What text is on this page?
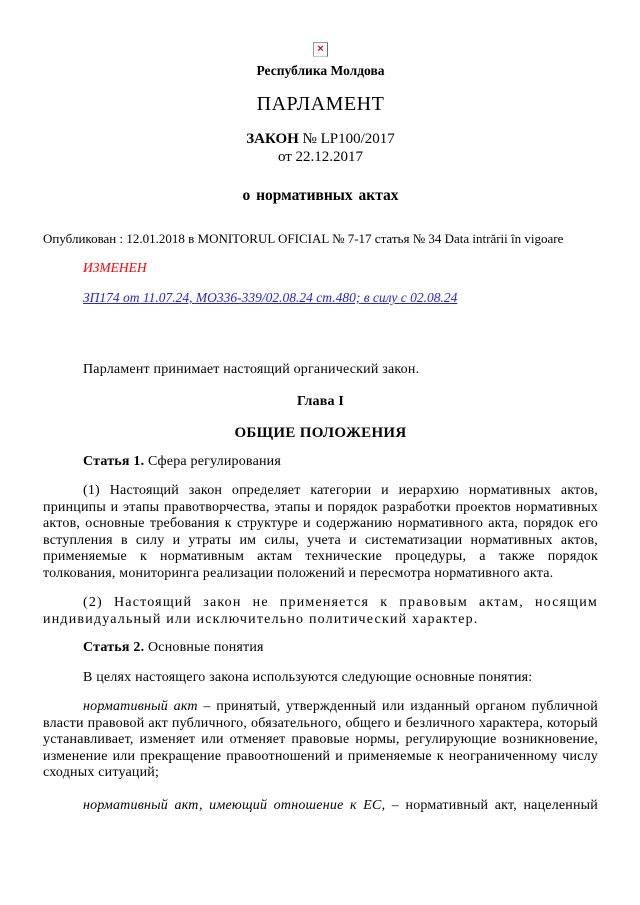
×
Республика Молдова
ПАРЛАМЕНТ
ЗАКОН № LP100/2017
от 22.12.2017
о нормативных актах
Опубликован : 12.01.2018 в MONITORUL OFICIAL № 7-17 статья № 34 Data intrării în vigoare
ИЗМЕНЕН
ЗП174 от 11.07.24, МО336-339/02.08.24 ст.480; в силу с 02.08.24
Парламент принимает настоящий органический закон.
Глава I
ОБЩИЕ ПОЛОЖЕНИЯ
Статья 1. Сфера регулирования
(1) Настоящий закон определяет категории и иерархию нормативных актов, принципы и этапы правотворчества, этапы и порядок разработки проектов нормативных актов, основные требования к структуре и содержанию нормативного акта, порядок его вступления в силу и утраты им силы, учета и систематизации нормативных актов, применяемые к нормативным актам технические процедуры, а также порядок толкования, мониторинга реализации положений и пересмотра нормативного акта.
(2) Настоящий закон не применяется к правовым актам, носящим индивидуальный или исключительно политический характер.
Статья 2. Основные понятия
В целях настоящего закона используются следующие основные понятия:
нормативный акт – принятый, утвержденный или изданный органом публичной власти правовой акт публичного, обязательного, общего и безличного характера, который устанавливает, изменяет или отменяет правовые нормы, регулирующие возникновение, изменение или прекращение правоотношений и применяемые к неограниченному числу сходных ситуаций;
нормативный акт, имеющий отношение к ЕС, – нормативный акт, нацеленный
